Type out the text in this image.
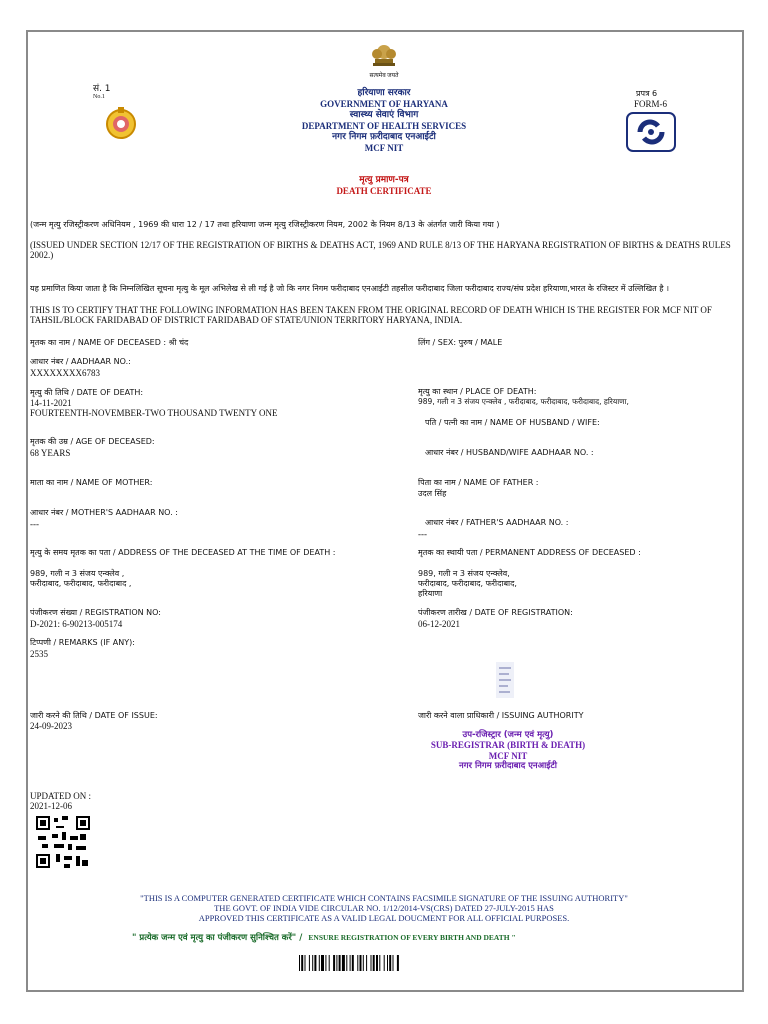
सत्यमेव जयते
सं. 1
No.1	हरियाणा सरकार
GOVERNMENT OF HARYANA
स्वास्थ्य सेवाएं विभाग
DEPARTMENT OF HEALTH SERVICES
नगर निगम फ़रीदाबाद एनआईटी
MCF NIT
प्रपत्र 6
FORM-6
मृत्यु प्रमाण-पत्र
DEATH CERTIFICATE
(जन्म मृत्यु रजिस्ट्रीकरण अधिनियम , 1969 की धारा 12 / 17 तथा हरियाणा जन्म मृत्यु रजिस्ट्रीकरण नियम, 2002 के नियम 8/13 के अंतर्गत जारी किया गया )
(ISSUED UNDER SECTION 12/17 OF THE REGISTRATION OF BIRTHS & DEATHS ACT, 1969 AND RULE 8/13 OF THE HARYANA REGISTRATION OF BIRTHS & DEATHS RULES 2002.)
यह प्रमाणित किया जाता है कि निम्नलिखित सूचना मृत्यु के मूल अभिलेख से ली गई है जो कि नगर निगम फरीदाबाद एनआईटी तहसील फरीदाबाद जिला फरीदाबाद राज्य/संघ प्रदेश हरियाणा,भारत के रजिस्टर में उल्लिखित है ।
THIS IS TO CERTIFY THAT THE FOLLOWING INFORMATION HAS BEEN TAKEN FROM THE ORIGINAL RECORD OF DEATH WHICH IS THE REGISTER FOR MCF NIT OF TAHSIL/BLOCK FARIDABAD OF DISTRICT FARIDABAD OF STATE/UNION TERRITORY HARYANA, INDIA.
मृतक का नाम / NAME OF DECEASED : श्री चंद
आधार नंबर / AADHAAR NO.:
XXXXXXXX6783
मृत्यु की तिथि / DATE OF DEATH:
14-11-2021
FOURTEENTH-NOVEMBER-TWO THOUSAND TWENTY ONE
मृतक की उम्र / AGE OF DECEASED:
68 YEARS
माता का नाम / NAME OF MOTHER:
आधार नंबर / MOTHER'S AADHAAR NO. :
---
मृत्यु के समय मृतक का पता / ADDRESS OF THE DECEASED AT THE TIME OF DEATH :
989, गली न 3 संजय एन्क्लेव ,
फरीदाबाद, फरीदाबाद, फरीदाबाद ,
पंजीकरण संख्या / REGISTRATION NO:
D-2021: 6-90213-005174
टिप्पणी / REMARKS (IF ANY):
2535
जारी करने की तिथि / DATE OF ISSUE:
24-09-2023
UPDATED ON :
2021-12-06
लिंग / SEX: पुरुष / MALE
मृत्यु का स्थान / PLACE OF DEATH:
989, गली न 3 संजय एन्क्लेव , फरीदाबाद, फरीदाबाद, फरीदाबाद, हरियाणा,
पति / पत्नी का नाम / NAME OF HUSBAND / WIFE:
आधार नंबर / HUSBAND/WIFE AADHAAR NO. :
पिता का नाम / NAME OF FATHER :
उदल सिंह
आधार नंबर / FATHER'S AADHAAR NO. :
---
मृतक का स्थायी पता / PERMANENT ADDRESS OF DECEASED :
989, गली न 3 संजय एन्क्लेव,
फरीदाबाद, फरीदाबाद, फरीदाबाद,
हरियाणा
पंजीकरण तारीख / DATE OF REGISTRATION:
06-12-2021
जारी करने वाला प्राधिकारी / ISSUING AUTHORITY
उप-रजिस्ट्रार (जन्म एवं मृत्यु)
SUB-REGISTRAR (BIRTH & DEATH)
MCF NIT
नगर निगम फ़रीदाबाद एनआईटी
"THIS IS A COMPUTER GENERATED CERTIFICATE WHICH CONTAINS FACSIMILE SIGNATURE OF THE ISSUING AUTHORITY"
THE GOVT. OF INDIA VIDE CIRCULAR NO. 1/12/2014-VS(CRS) DATED 27-JULY-2015 HAS
APPROVED THIS CERTIFICATE AS A VALID LEGAL DOUCMENT FOR ALL OFFICIAL PURPOSES.
" प्रत्येक जन्म एवं मृत्यु का पंजीकरण सुनिश्चित करें" / ENSURE REGISTRATION OF EVERY BIRTH AND DEATH "
